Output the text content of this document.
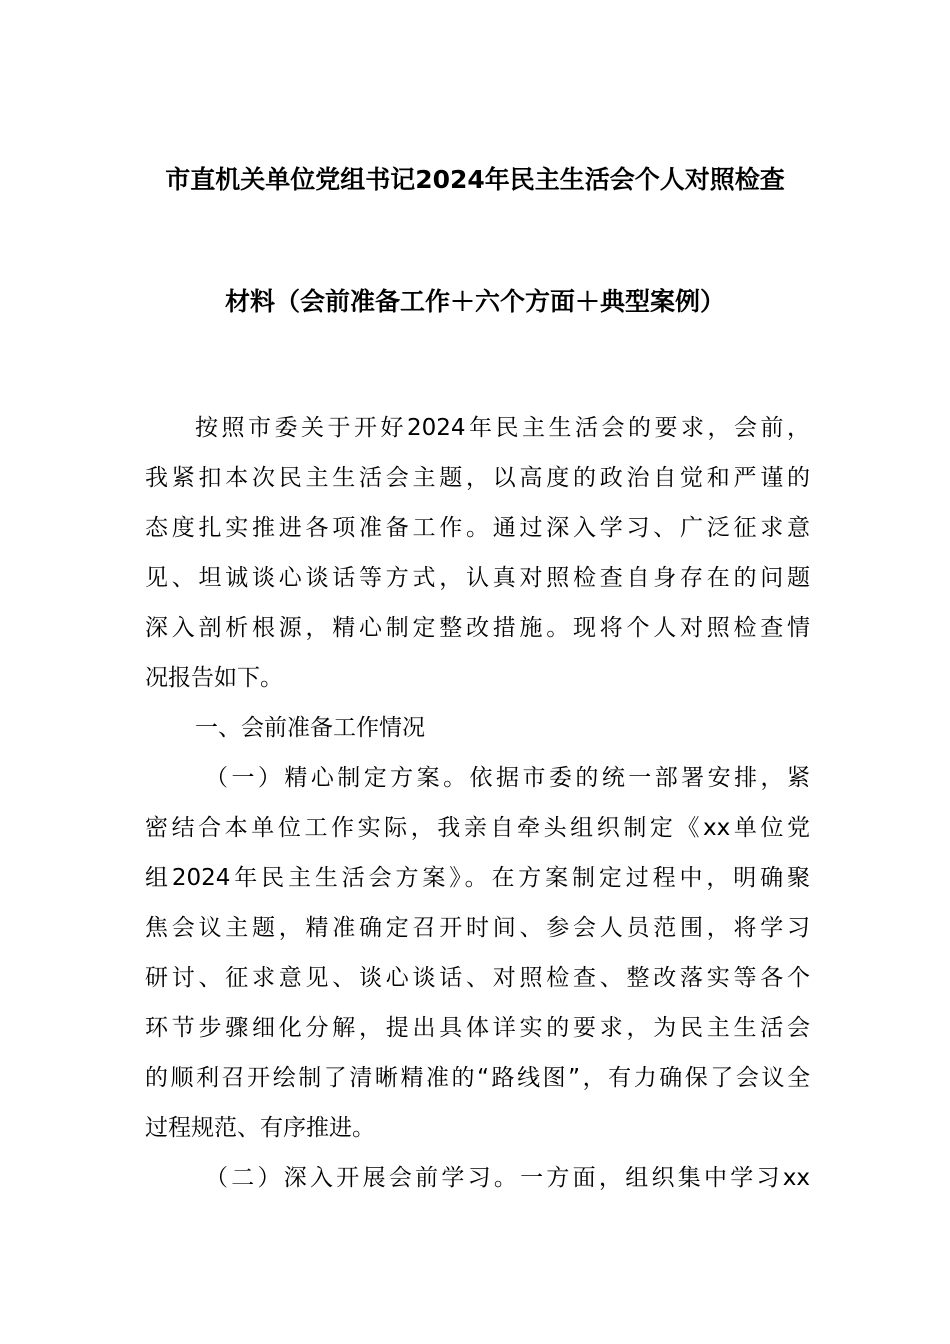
市直机关单位党组书记2024年民主生活会个人对照检查
材料（会前准备工作＋六个方面＋典型案例）
按照市委关于开好2024年民主生活会的要求，会前，
我紧扣本次民主生活会主题，以高度的政治自觉和严谨的
态度扎实推进各项准备工作。通过深入学习、广泛征求意
见、坦诚谈心谈话等方式，认真对照检查自身存在的问题
深入剖析根源，精心制定整改措施。现将个人对照检查情
况报告如下。
一、会前准备工作情况
（一）精心制定方案。依据市委的统一部署安排，紧
密结合本单位工作实际，我亲自牵头组织制定《xx单位党
组2024年民主生活会方案》。在方案制定过程中，明确聚
焦会议主题，精准确定召开时间、参会人员范围，将学习
研讨、征求意见、谈心谈话、对照检查、整改落实等各个
环节步骤细化分解，提出具体详实的要求，为民主生活会
的顺利召开绘制了清晰精准的“路线图”，有力确保了会议全
过程规范、有序推进。
（二）深入开展会前学习。一方面，组织集中学习xx
